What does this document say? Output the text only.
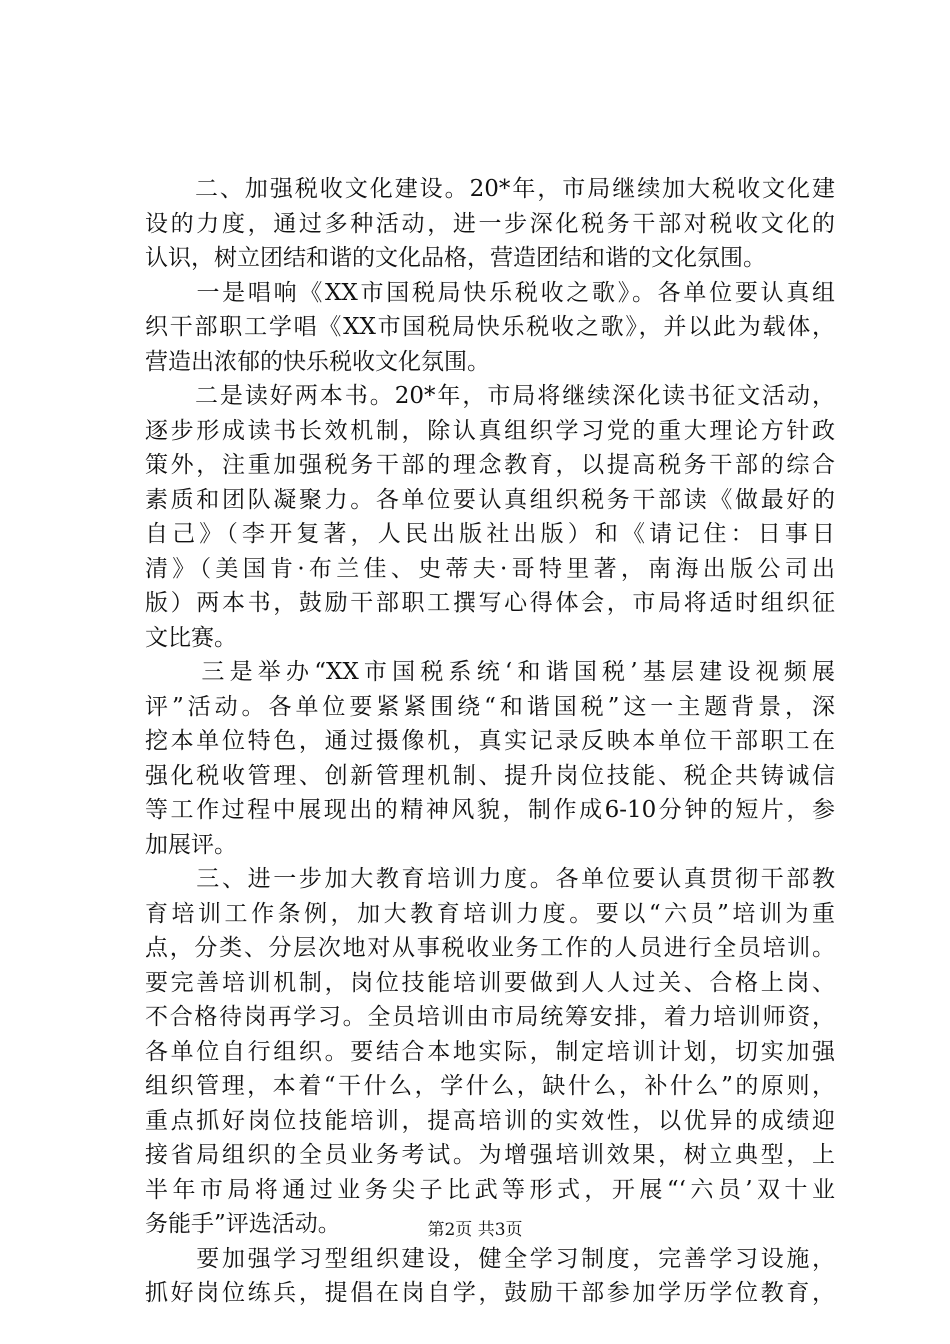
　　二、加强税收文化建设。20*年，市局继续加大税收文化建
设的力度，通过多种活动，进一步深化税务干部对税收文化的
认识，树立团结和谐的文化品格，营造团结和谐的文化氛围。
　　一是唱响《XX市国税局快乐税收之歌》。各单位要认真组
织干部职工学唱《XX市国税局快乐税收之歌》，并以此为载体，
营造出浓郁的快乐税收文化氛围。
　　二是读好两本书。20*年，市局将继续深化读书征文活动，
逐步形成读书长效机制，除认真组织学习党的重大理论方针政
策外，注重加强税务干部的理念教育，以提高税务干部的综合
素质和团队凝聚力。各单位要认真组织税务干部读《做最好的
自己》（李开复著，人民出版社出版）和《请记住：日事日
清》（美国肯·布兰佳、史蒂夫·哥特里著，南海出版公司出
版）两本书，鼓励干部职工撰写心得体会，市局将适时组织征
文比赛。
　　三是举办“XX市国税系统‘和谐国税’基层建设视频展
评”活动。各单位要紧紧围绕“和谐国税”这一主题背景，深
挖本单位特色，通过摄像机，真实记录反映本单位干部职工在
强化税收管理、创新管理机制、提升岗位技能、税企共铸诚信
等工作过程中展现出的精神风貌，制作成6-10分钟的短片，参
加展评。
　　三、进一步加大教育培训力度。各单位要认真贯彻干部教
育培训工作条例，加大教育培训力度。要以“六员”培训为重
点，分类、分层次地对从事税收业务工作的人员进行全员培训。
要完善培训机制，岗位技能培训要做到人人过关、合格上岗、
不合格待岗再学习。全员培训由市局统筹安排，着力培训师资，
各单位自行组织。要结合本地实际，制定培训计划，切实加强
组织管理，本着“干什么，学什么，缺什么，补什么”的原则，
重点抓好岗位技能培训，提高培训的实效性，以优异的成绩迎
接省局组织的全员业务考试。为增强培训效果，树立典型，上
半年市局将通过业务尖子比武等形式，开展“‘六员’双十业
务能手”评选活动。
　　要加强学习型组织建设，健全学习制度，完善学习设施，
抓好岗位练兵，提倡在岗自学，鼓励干部参加学历学位教育，
第2页 共3页
